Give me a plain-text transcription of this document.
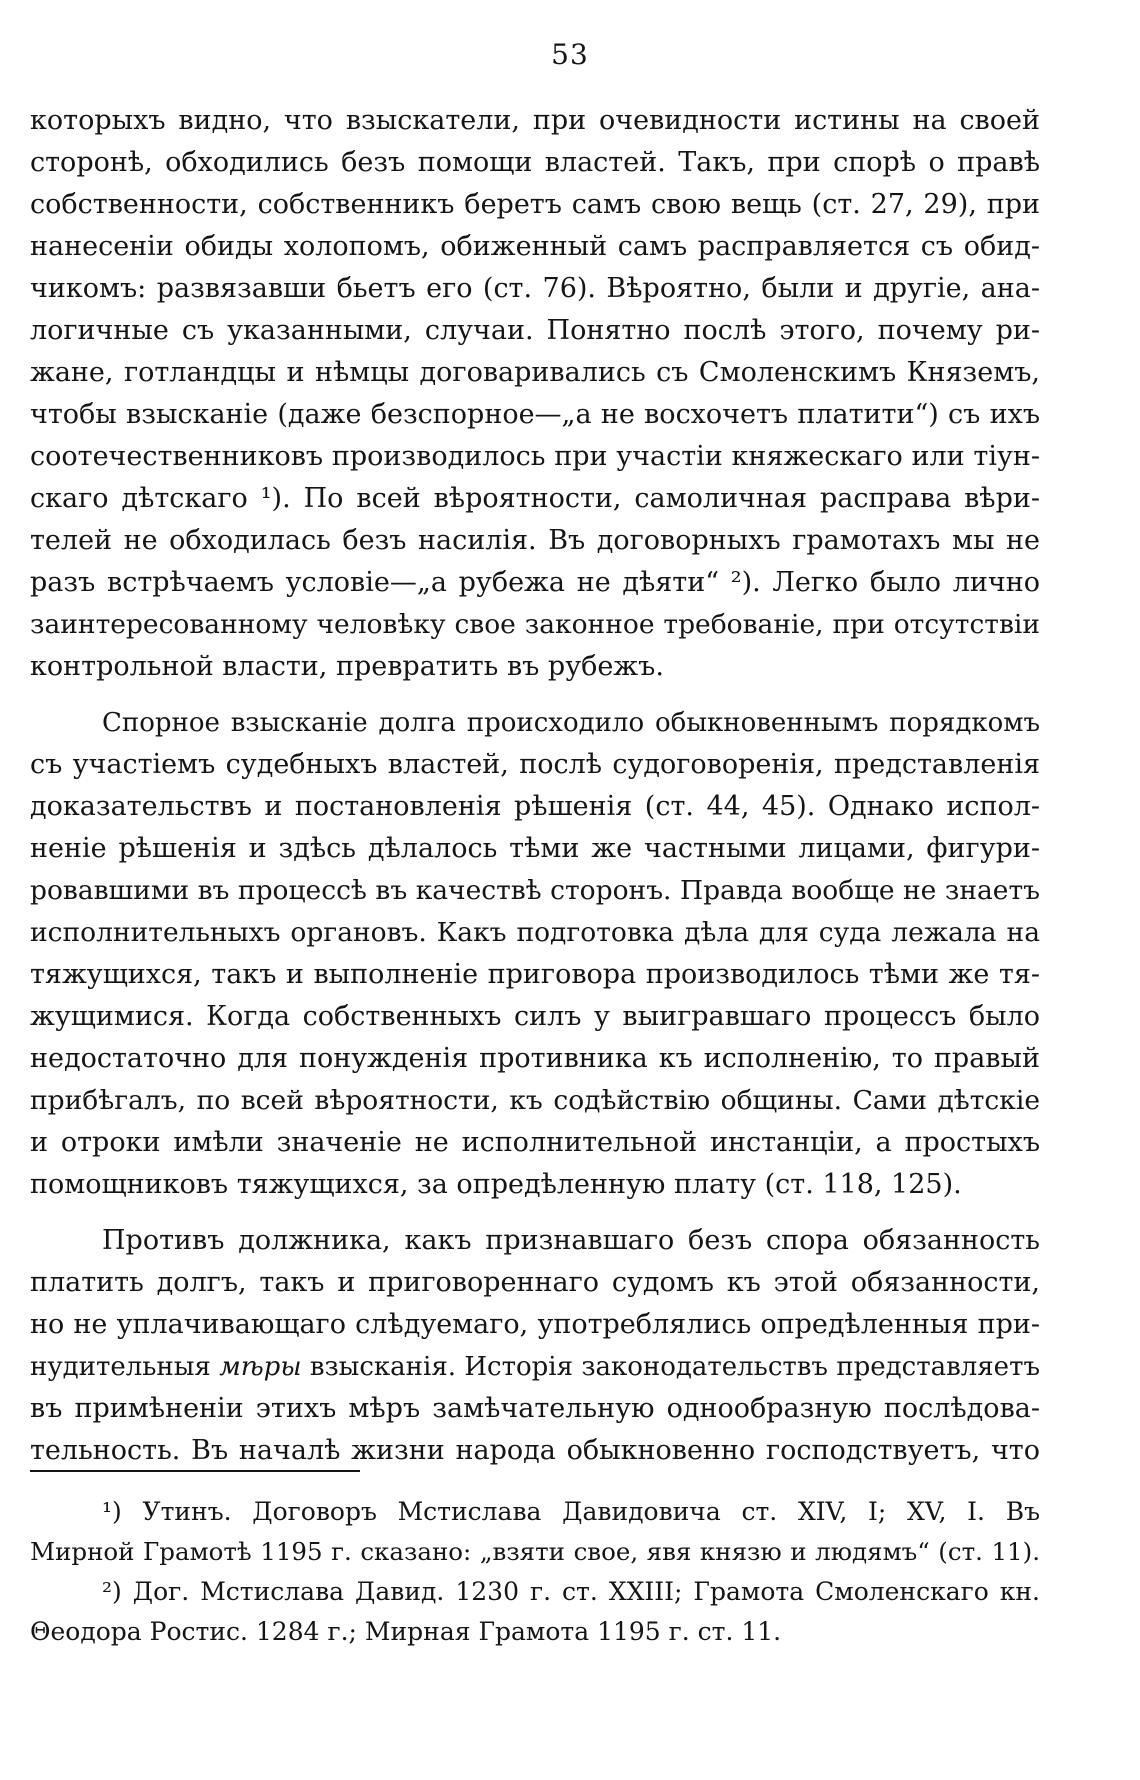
53
которыхъ видно, что взыскатели, при очевидности истины на своей
сторонѣ, обходились безъ помощи властей. Такъ, при спорѣ о правѣ
собственности, собственникъ беретъ самъ свою вещь (ст. 27, 29), при
нанесеніи обиды холопомъ, обиженный самъ расправляется съ обид-
чикомъ: развязавши бьетъ его (ст. 76). Вѣроятно, были и другіе, ана-
логичные съ указанными, случаи. Понятно послѣ этого, почему ри-
жане, готландцы и нѣмцы договаривались съ Смоленскимъ Княземъ,
чтобы взысканіе (даже безспорное—„а не восхочетъ платити“) съ ихъ
соотечественниковъ производилось при участіи княжескаго или тіун-
скаго дѣтскаго ¹). По всей вѣроятности, самоличная расправа вѣри-
телей не обходилась безъ насилія. Въ договорныхъ грамотахъ мы не
разъ встрѣчаемъ условіе—„а рубежа не дѣяти“ ²). Легко было лично
заинтересованному человѣку свое законное требованіе, при отсутствіи
контрольной власти, превратить въ рубежъ.
Спорное взысканіе долга происходило обыкновеннымъ порядкомъ
съ участіемъ судебныхъ властей, послѣ судоговоренія, представленія
доказательствъ и постановленія рѣшенія (ст. 44, 45). Однако испол-
неніе рѣшенія и здѣсь дѣлалось тѣми же частными лицами, фигури-
ровавшими въ процессѣ въ качествѣ сторонъ. Правда вообще не знаетъ
исполнительныхъ органовъ. Какъ подготовка дѣла для суда лежала на
тяжущихся, такъ и выполненіе приговора производилось тѣми же тя-
жущимися. Когда собственныхъ силъ у выигравшаго процессъ было
недостаточно для понужденія противника къ исполненію, то правый
прибѣгалъ, по всей вѣроятности, къ содѣйствію общины. Сами дѣтскіе
и отроки имѣли значеніе не исполнительной инстанціи, а простыхъ
помощниковъ тяжущихся, за опредѣленную плату (ст. 118, 125).
Противъ должника, какъ признавшаго безъ спора обязанность
платить долгъ, такъ и приговореннаго судомъ къ этой обязанности,
но не уплачивающаго слѣдуемаго, употреблялись опредѣленныя при-
нудительныя мѣры взысканія. Исторія законодательствъ представляетъ
въ примѣненіи этихъ мѣръ замѣчательную однообразную послѣдова-
тельность. Въ началѣ жизни народа обыкновенно господствуетъ, что
¹) Утинъ. Договоръ Мстислава Давидовича ст. XIV, I; XV, I. Въ
Мирной Грамотѣ 1195 г. сказано: „взяти свое, явя князю и людямъ“ (ст. 11).
²) Дог. Мстислава Давид. 1230 г. ст. XXIII; Грамота Смоленскаго кн.
Θеодора Ростис. 1284 г.; Мирная Грамота 1195 г. ст. 11.
